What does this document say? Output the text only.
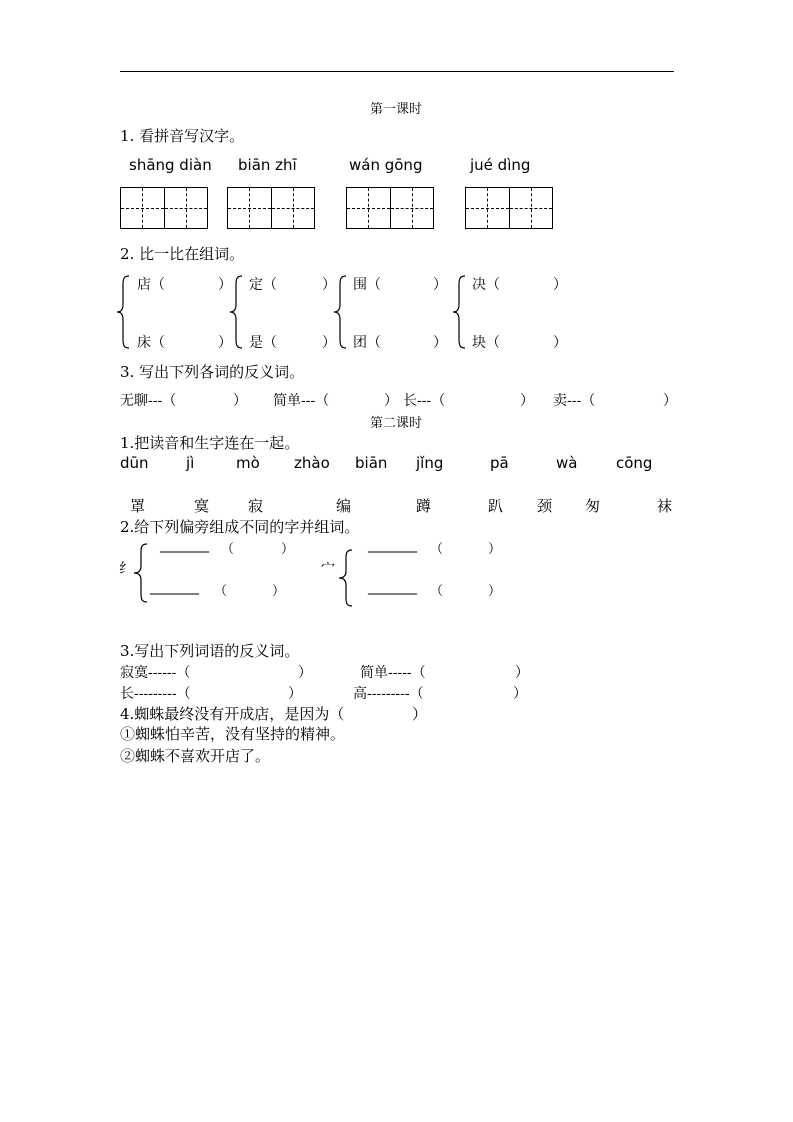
第一课时
1. 看拼音写汉字。
shāng diàn biān zhī	wán gōng	jué dìng
2. 比一比在组词。
店（	）
床（	）
定（	）
是（	）
围（	）
团（	）
决（	）
块（	）
3. 写出下列各词的反义词。
无聊---（	） 简单---（	） 长---（	） 卖---（	）
第二课时
1.把读音和生字连在一起。
dūn jì	mò zhào biān jǐng	pā	wà	cōng
罩	寞	寂	编	蹲	趴 颈 匆	袜
2.给下列偏旁组成不同的字并组词。
纟
_______ （	）
_______ （	）
宀
_______ （	）
_______ （	）
3.写出下列词语的反义词。
寂寞------（	）	简单-----（	）
长---------（	）	高---------（	）
4.蜘蛛最终没有开成店，是因为（	）
①蜘蛛怕辛苦，没有坚持的精神。
②蜘蛛不喜欢开店了。
